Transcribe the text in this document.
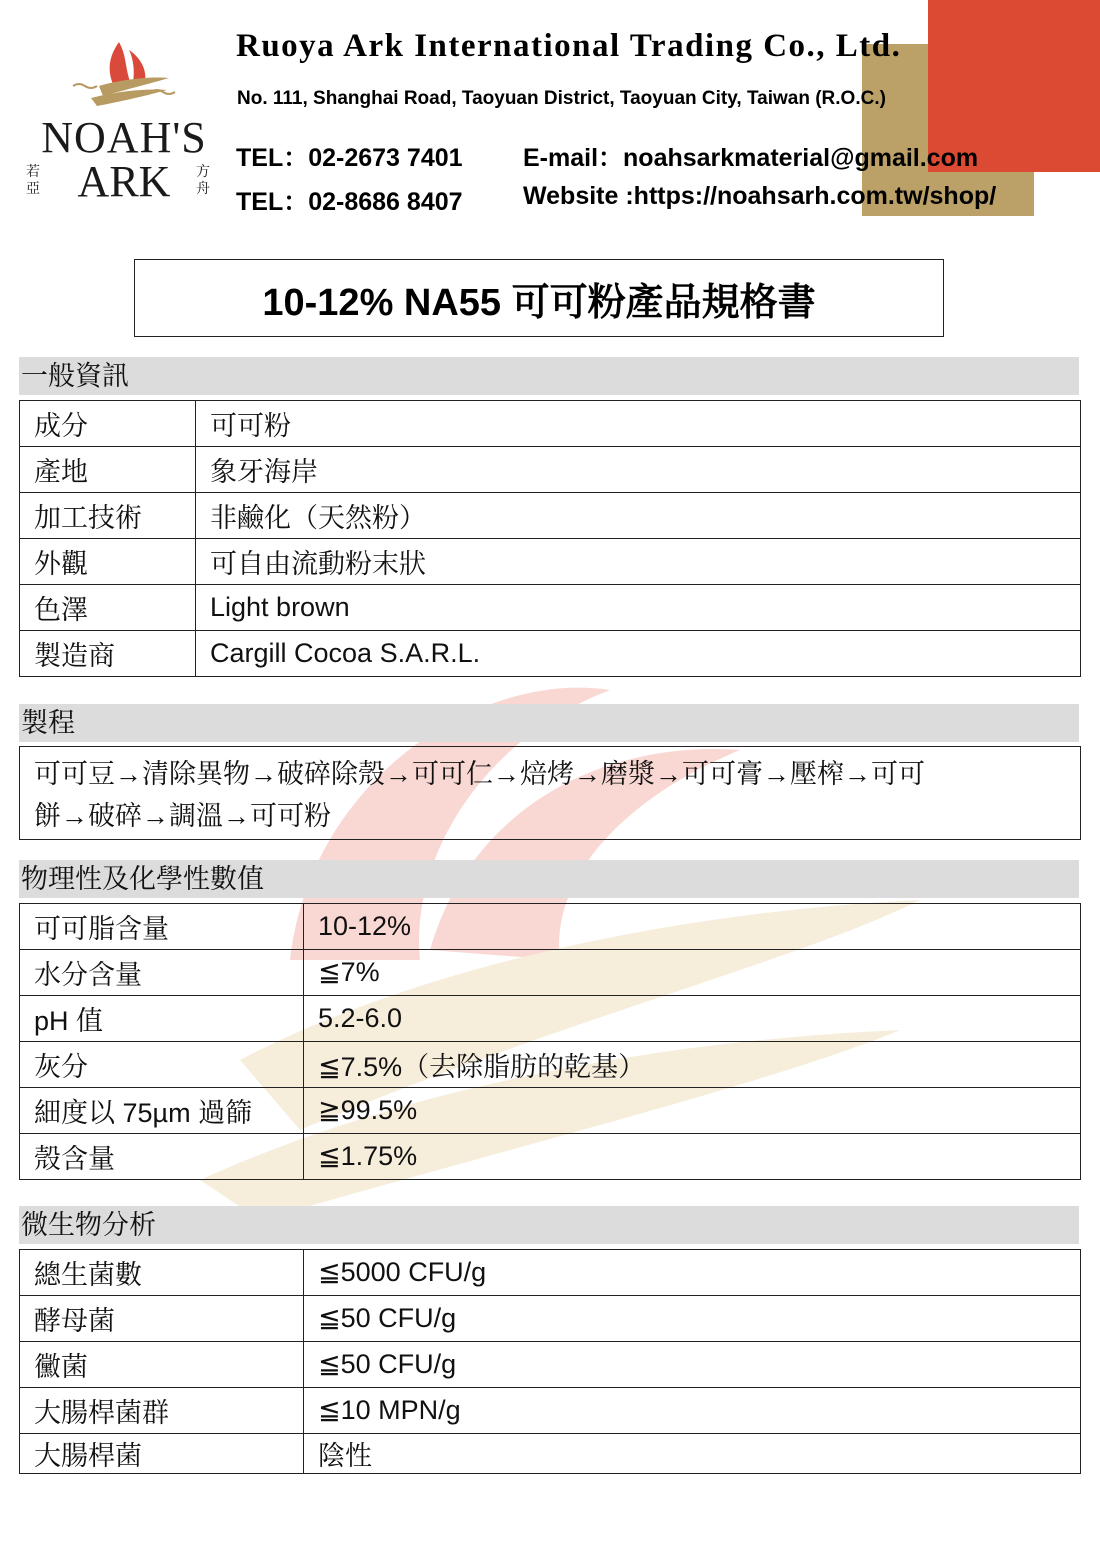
NOAH'S
若亞 ARK	方舟
Ruoya Ark International Trading Co., Ltd.
No. 111, Shanghai Road, Taoyuan District, Taoyuan City, Taiwan (R.O.C.)
TEL：02-2673 7401
TEL：02-8686 8407
E-mail：noahsarkmaterial@gmail.com
Website :https://noahsarh.com.tw/shop/
10-12% NA55 可可粉產品規格書
一般資訊
成分	可可粉
產地	象牙海岸
加工技術	非鹼化（天然粉）
外觀	可自由流動粉末狀
色澤	Light brown
製造商	Cargill Cocoa S.A.R.L.
製程
可可豆→清除異物→破碎除殼→可可仁→焙烤→磨漿→可可膏→壓榨→可可
餅→破碎→調溫→可可粉
物理性及化學性數值
可可脂含量	10-12%
水分含量	≦7%
pH 值	5.2-6.0
灰分	≦7.5%（去除脂肪的乾基）
細度以 75µm 過篩	≧99.5%
殼含量	≦1.75%
微生物分析
總生菌數	≦5000 CFU/g
酵母菌	≦50 CFU/g
黴菌	≦50 CFU/g
大腸桿菌群	≦10 MPN/g
大腸桿菌	陰性
